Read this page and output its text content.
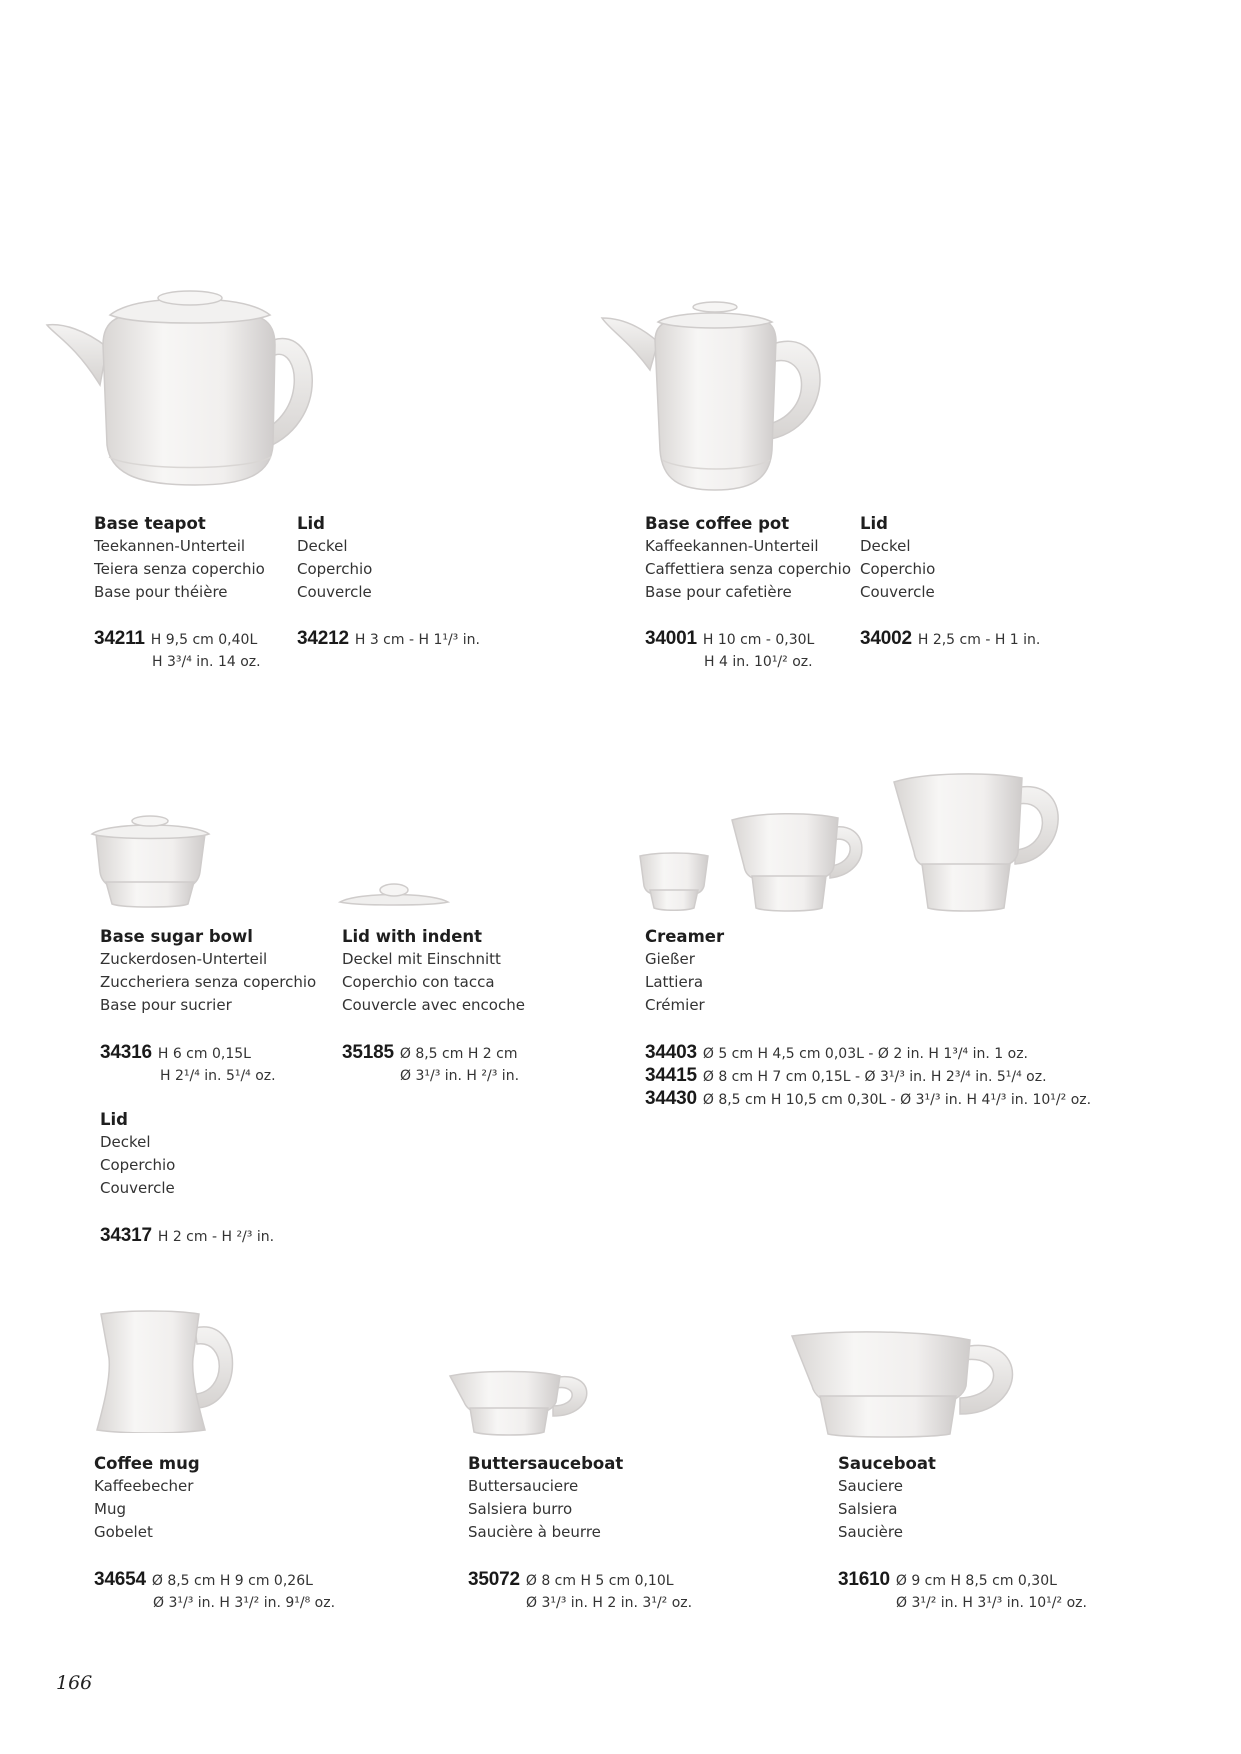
Base teapot
Teekannen-Unterteil
Teiera senza coperchio
Base pour théière
34211 H 9,5 cm 0,40L
H 3³/⁴ in. 14 oz.
Lid
Deckel
Coperchio
Couvercle
34212 H 3 cm - H 1¹/³ in.
Base coffee pot
Kaffeekannen-Unterteil
Caffettiera senza coperchio
Base pour cafetière
34001 H 10 cm - 0,30L
H 4 in. 10¹/² oz.
Lid
Deckel
Coperchio
Couvercle
34002 H 2,5 cm - H 1 in.
Base sugar bowl
Zuckerdosen-Unterteil
Zuccheriera senza coperchio
Base pour sucrier
34316 H 6 cm 0,15L
H 2¹/⁴ in. 5¹/⁴ oz.
Lid
Deckel
Coperchio
Couvercle
34317 H 2 cm - H ²/³ in.
Lid with indent
Deckel mit Einschnitt
Coperchio con tacca
Couvercle avec encoche
35185 Ø 8,5 cm H 2 cm
Ø 3¹/³ in. H ²/³ in.
Creamer
Gießer
Lattiera
Crémier
34403 Ø 5 cm H 4,5 cm 0,03L - Ø 2 in. H 1³/⁴ in. 1 oz.
34415 Ø 8 cm H 7 cm 0,15L - Ø 3¹/³ in. H 2³/⁴ in. 5¹/⁴ oz.
34430 Ø 8,5 cm H 10,5 cm 0,30L - Ø 3¹/³ in. H 4¹/³ in. 10¹/² oz.
Coffee mug
Kaffeebecher
Mug
Gobelet
34654 Ø 8,5 cm H 9 cm 0,26L
Ø 3¹/³ in. H 3¹/² in. 9¹/⁸ oz.
Buttersauceboat
Buttersauciere
Salsiera burro
Saucière à beurre
35072 Ø 8 cm H 5 cm 0,10L
Ø 3¹/³ in. H 2 in. 3¹/² oz.
Sauceboat
Sauciere
Salsiera
Saucière
31610 Ø 9 cm H 8,5 cm 0,30L
Ø 3¹/² in. H 3¹/³ in. 10¹/² oz.
166
